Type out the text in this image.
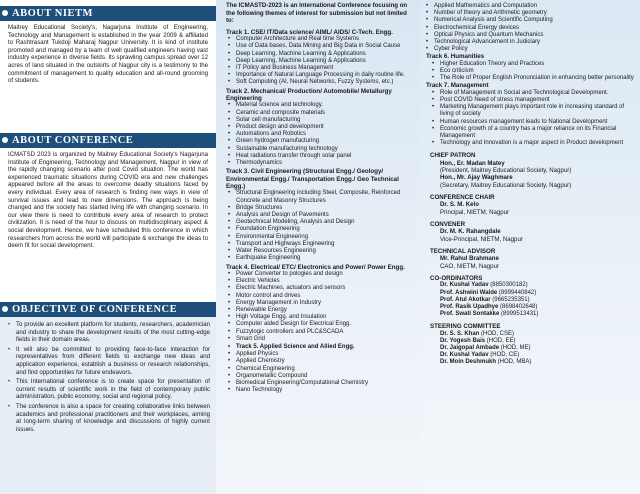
ABOUT NIETM
Maitrey Educational Society's, Nagarjuna Institute of Engineering, Technology and Management is established in the year 2009 & affiliated to Rashtrasant Tukdoji Maharaj Nagpur University. It is kind of institute promoted and managed by a team of well qualified engineers having vast industry experience in diverse fields. Its sprawling campus spread over 12 acres of land situated in the outskirts of Nagpur city is a testimony to the commitment of management to quality education and all-round grooming of students.
ABOUT CONFERENCE
ICMATSD 2023 is organized by Maitrey Educational Society's Nagarjuna Institute of Engineering, Technology and Management, Nagpur in view of the rapidly changing scenario after post Covid situation. The world has experienced traumatic situations during COVID era and new challenges appeared before all the areas to overcome deadly situations faced by every individual. Every area of research is finding new ways in view of survival issues and lead to new dimensions. The approach is being changed and the society has started living life with changing scenario. In our view there is need to contribute every area of research to protect civilization. It is need of the hour to discuss on multidisciplinary aspect & social development. Hence, we have scheduled this conference in which researchers from across the world will participate & exchange the ideas to deem fit for social development.
OBJECTIVE OF CONFERENCE
• To provide an excellent platform for students, researchers, academician and industry to share the development results of the most cutting-edge fields in their domain areas.
• It will also be committed to providing face-to-face interaction for representatives from different fields to exchange new ideas and application experience, establish a business or research relationships, and find opportunities for future endeavors.
• This International conference is to create space for presentation of current results of scientific work in the field of contemporary public administration, public economy, social and regional policy.
• The conference is also a space for creating collaborative links between academics and professional practitioners and their workplaces, aiming at long-term sharing of knowledge and discussions of highly current issues.
The ICMASTD-2023 is an International Conference focusing on the following themes of interest for submission but not limited to:
Track 1. CSE/ IT/Data science/ AIML/ AIDS/ C-Tech. Engg.
• Computer Architecture and Real time Systems
• Use of Data bases, Data Mining and Big Data in Social Cause
• Deep Learning, Machine Learning & Applications
• Deep Learning, Machine Learning & Applications
• IT Policy and Business Management
• Importance of Natural Language Processing in daily routine life.
• Soft Computing (AI, Neural Networks, Fuzzy Systems, etc.)
Track 2. Mechanical/ Production/ Automobile/ Metallurgy Engineering
• Material science and technology.
• Ceramic and composite materials
• Solar cell manufacturing
• Product design and development
• Automations and Robotics
• Green hydrogen manufacturing
• Sustainable manufacturing technology
• Heat radiations transfer through solar panel
• Thermodynamics
Track 3. Civil Engineering (Structural Engg./ Geology/ Environmental Engg./ Transportation Engg./ Geo Technical Engg.)
• Structural Engineering including Steel, Composite, Reinforced Concrete and Masonry Structures
• Bridge Structures
• Analysis and Design of Pavements
• Geotechnical Modeling, Analysis and Design
• Foundation Engineering
• Environmental Engineering
• Transport and Highways Engineering
• Water Resources Engineering
• Earthquake Engineering
Track 4. Electrical/ ETC/ Electronics and Power/ Power Engg.
• Power Converter to pologies and design
• Electric Vehicles
• Electric Machines, actuators and sensors
• Motor control and drives
• Energy Management in Industry
• Renewable Energy
• High Voltage Engg. and Insulation
• Computer aided Design for Electrical Engg.
• Fuzzylogic controllers and PLC&SCADA
• Smart Grid
• Track 5. Applied Science and Allied Engg.
• Applied Physics
• Applied Chemistry
• Chemical Engineering
• Organometallic Compound
• Biomedical Engineering/Computational Chemistry
• Nano Technology
• Applied Mathematics and Computation
• Number of theory and Arithmetic geometry
• Numerical Analysis and Scientific Computing
• Electrochemical Energy devices
• Optical Physics and Quantum Mechanics
• Technological Advancement in Judiciary
• Cyber Policy
Track 6. Humanities
• Higher Education Theory and Practices
• Eco criticism
• The Role of Proper English Pronunciation in enhancing better personality
Track 7. Management
• Role of Management in Social and Technological Development.
• Post COVID Need of stress management
• Marketing Management plays important role in increasing standard of living of society
• Human resources management leads to National Development
• Economic growth of a country has a major reliance on its Financial Management
• Technology and Innovation is a major aspect in Product development
CHIEF PATRON
Hon., Er. Madan Matey
(President, Maitrey Educational Society, Nagpur)
Hon., Mr. Ajay Waghmare
(Secretary, Maitrey Educational Society, Nagpur)
CONFERENCE CHAIR
Dr. S. M. Kelo
Principal, NIETM, Nagpur
CONVENER
Dr. M. K. Rahangdale
Vice-Principal, NIETM, Nagpur
TECHNICAL ADVISOR
Mr. Rahul Brahmane
CAO, NIETM, Nagpur
CO-ORDINATORS
Dr. Kushal Yadav (8850300182)
Prof. Ashwini Walde (8999440842)
Prof. Atul Akotkar (9665235351)
Prof. Rasik Upadhye (8698402648)
Prof. Swati Sontakke (8999513431)
STEERING COMMITTEE
Dr. S. S. Khan (HOD, CSE)
Dr. Yogesh Bais (HOD, EE)
Dr. Jaigopal Ambade (HOD, ME)
Dr. Kushal Yadav (HOD, CE)
Dr. Moin Deshmukh (HOD, MBA)
